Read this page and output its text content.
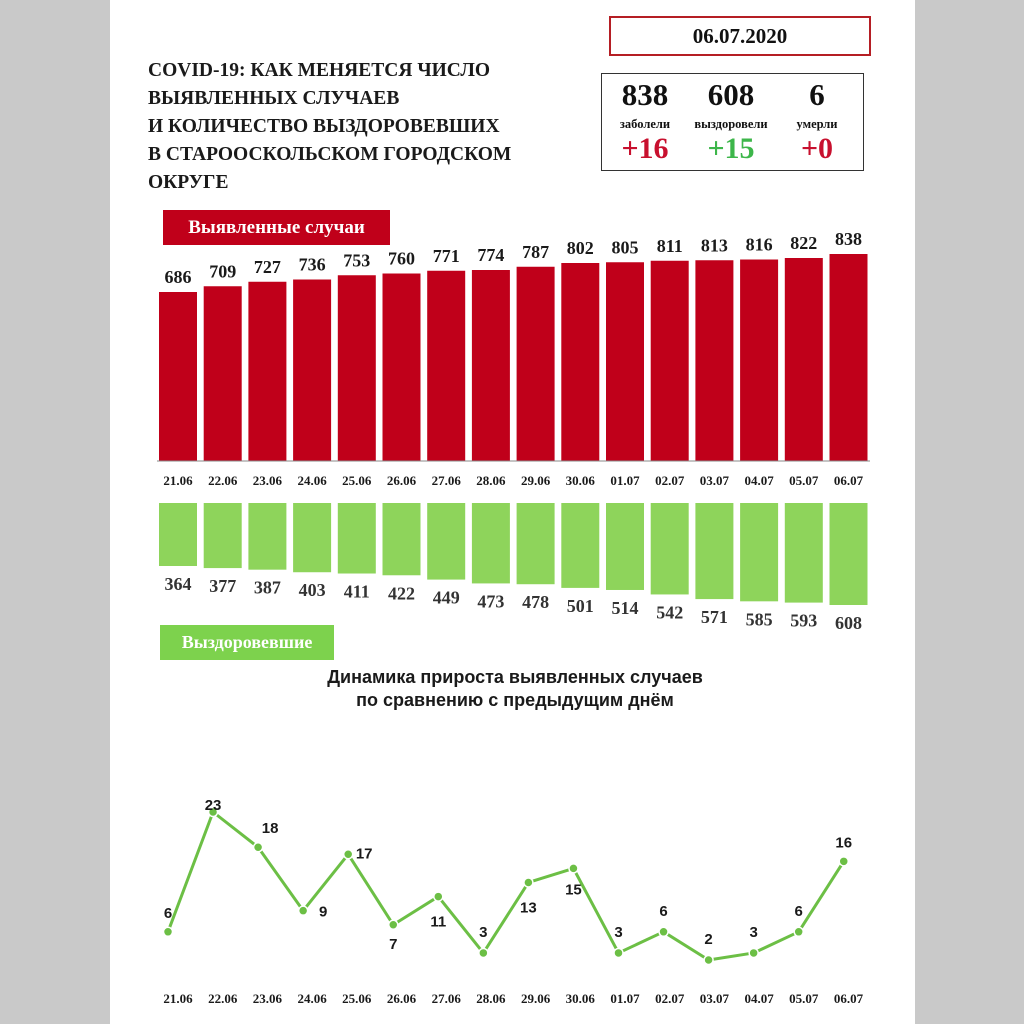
COVID-19: КАК МЕНЯЕТСЯ ЧИСЛО
ВЫЯВЛЕННЫХ СЛУЧАЕВ
И КОЛИЧЕСТВО ВЫЗДОРОВЕВШИХ
В СТАРООСКОЛЬСКОМ ГОРОДСКОМ
ОКРУГЕ
06.07.2020
838
заболели
+16
608
выздоровели
+15
6
умерли
+0
Выявленные случаи
Выздоровевшие
Динамика прироста выявленных случаев
по сравнению с предыдущим днём
686 709 727 736 753 760 771 774 787 802 805 811 813 816 822 838
21.06 22.06 23.06 24.06 25.06 26.06 27.06 28.06 29.06 30.06 01.07 02.07 03.07 04.07 05.07 06.07
364 377 387 403 411 422 449 473 478 501 514 542 571 585 593 608
6
23
18
9
17
7
11
3
13
15
3
6
2 3
6
16
21.06 22.06 23.06 24.06 25.06 26.06 27.06 28.06 29.06 30.06 01.07 02.07 03.07 04.07 05.07 06.07
